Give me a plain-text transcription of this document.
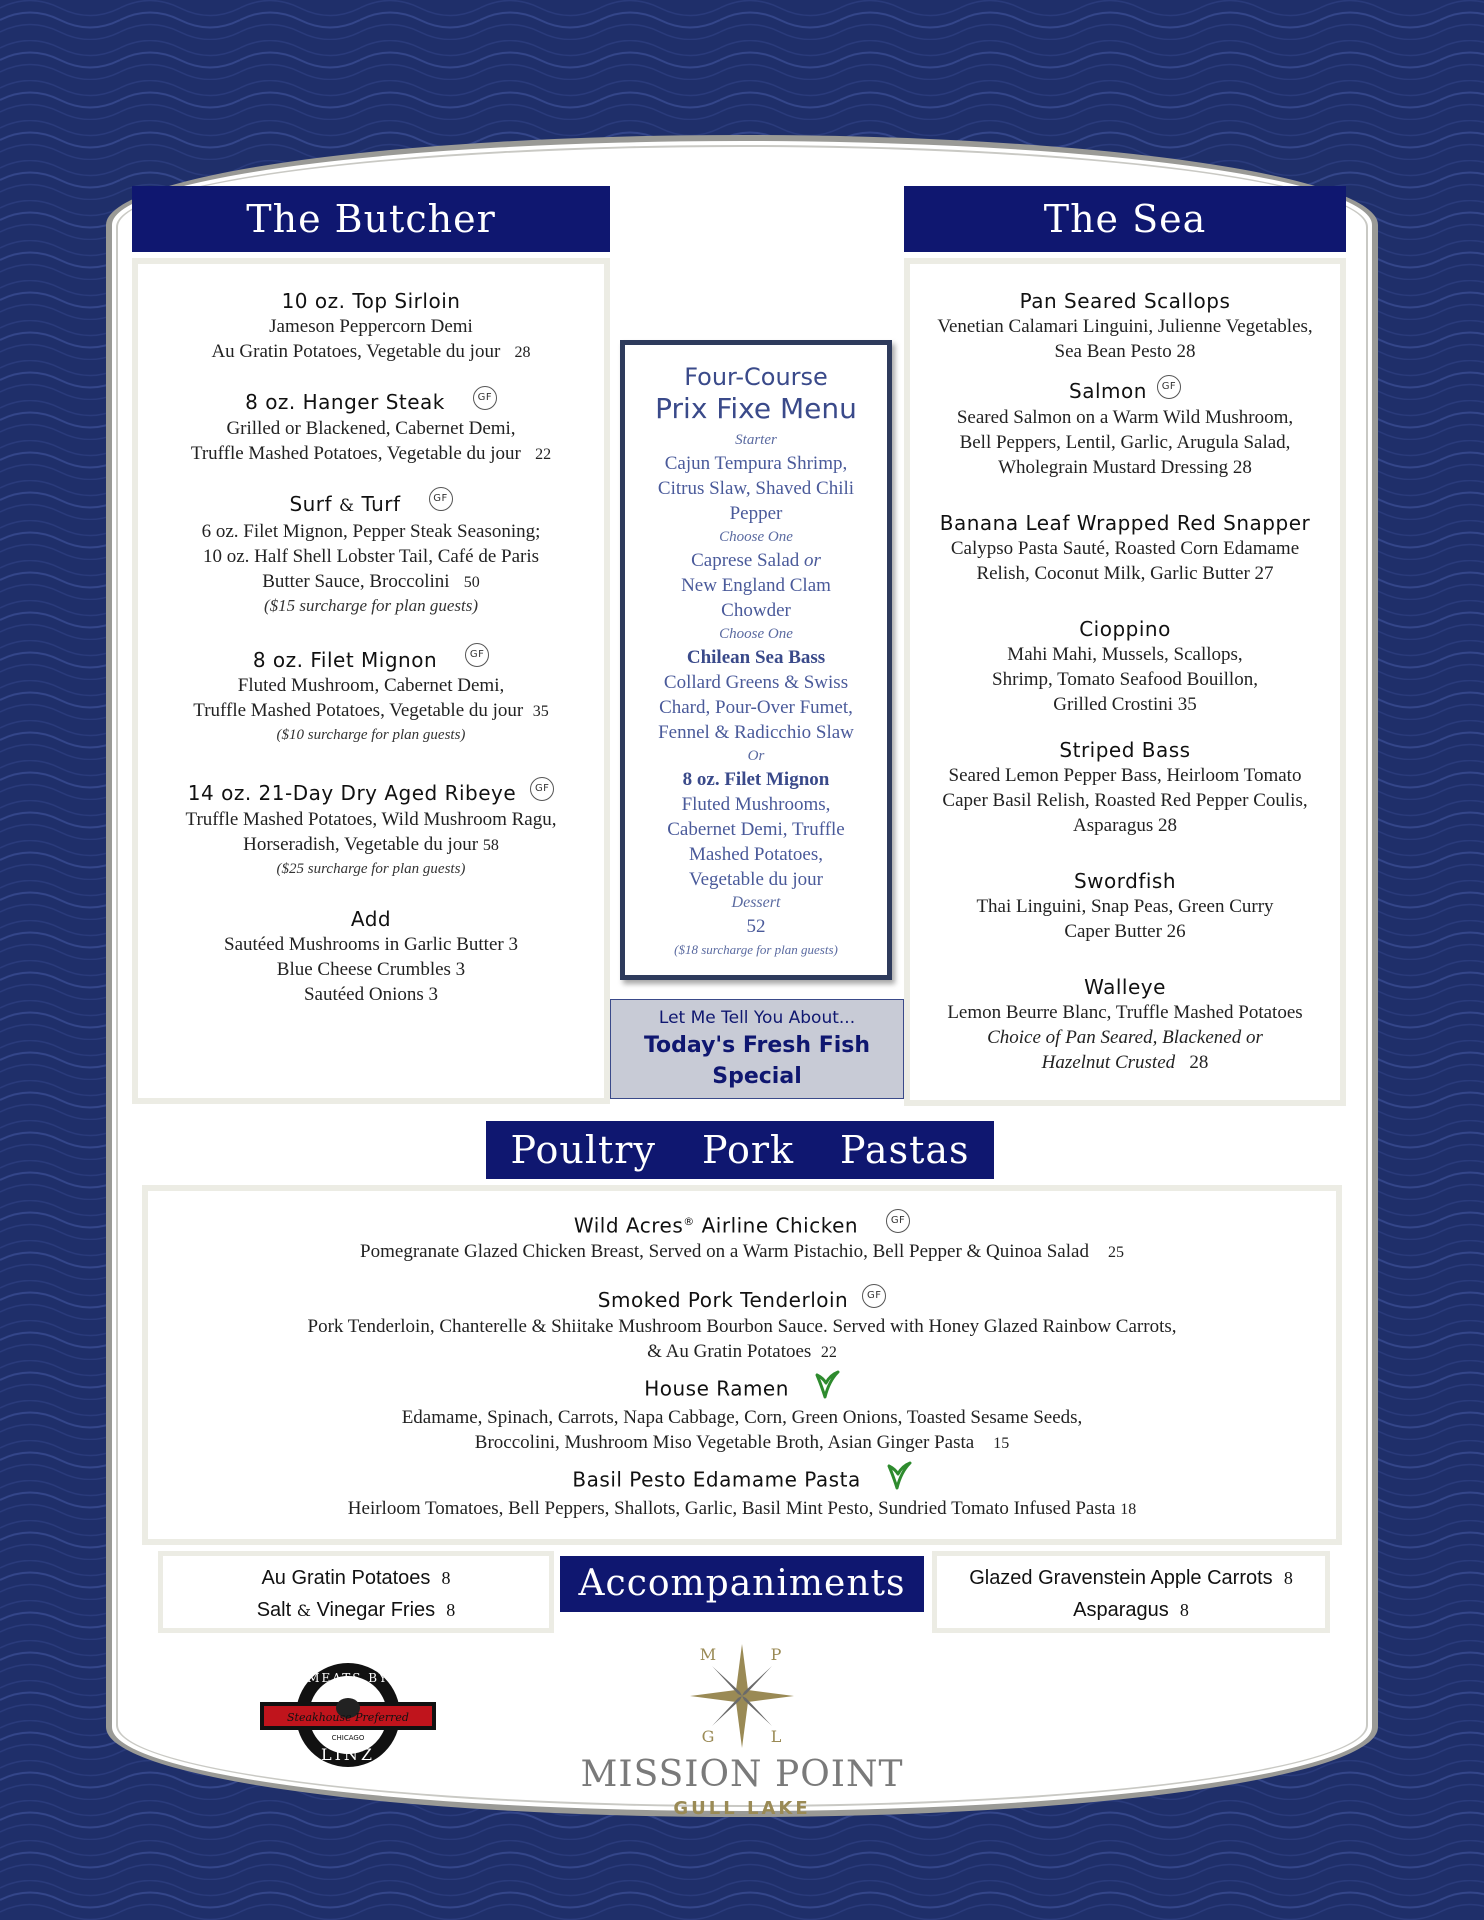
The Butcher
10 oz. Top Sirloin
Jameson Peppercorn Demi
Au Gratin Potatoes, Vegetable du jour 28
8 oz. Hanger Steak	GF
Grilled or Blackened, Cabernet Demi,
Truffle Mashed Potatoes, Vegetable du jour 22
Surf & Turf	GF
6 oz. Filet Mignon, Pepper Steak Seasoning;
10 oz. Half Shell Lobster Tail, Café de Paris
Butter Sauce, Broccolini 50
($15 surcharge for plan guests)
8 oz. Filet Mignon	GF
Fluted Mushroom, Cabernet Demi,
Truffle Mashed Potatoes, Vegetable du jour 35
($10 surcharge for plan guests)
14 oz. 21-Day Dry Aged Ribeye GF
Truffle Mashed Potatoes, Wild Mushroom Ragu,
Horseradish, Vegetable du jour 58
($25 surcharge for plan guests)
Add
Sautéed Mushrooms in Garlic Butter 3
Blue Cheese Crumbles 3
Sautéed Onions 3
Four-Course
Prix Fixe Menu
Starter
Cajun Tempura Shrimp,
Citrus Slaw, Shaved Chili
Pepper
Choose One
Caprese Salad or
New England Clam
Chowder
Choose One
Chilean Sea Bass
Collard Greens & Swiss
Chard, Pour-Over Fumet,
Fennel & Radicchio Slaw
Or
8 oz. Filet Mignon
Fluted Mushrooms,
Cabernet Demi, Truffle
Mashed Potatoes,
Vegetable du jour
Dessert
52
($18 surcharge for plan guests)
Let Me Tell You About...
Today's Fresh Fish
Special
The Sea
Pan Seared Scallops
Venetian Calamari Linguini, Julienne Vegetables,
Sea Bean Pesto 28
Salmon GF
Seared Salmon on a Warm Wild Mushroom,
Bell Peppers, Lentil, Garlic, Arugula Salad,
Wholegrain Mustard Dressing 28
Banana Leaf Wrapped Red Snapper
Calypso Pasta Sauté, Roasted Corn Edamame
Relish, Coconut Milk, Garlic Butter 27
Cioppino
Mahi Mahi, Mussels, Scallops,
Shrimp, Tomato Seafood Bouillon,
Grilled Crostini 35
Striped Bass
Seared Lemon Pepper Bass, Heirloom Tomato
Caper Basil Relish, Roasted Red Pepper Coulis,
Asparagus 28
Swordfish
Thai Linguini, Snap Peas, Green Curry
Caper Butter 26
Walleye
Lemon Beurre Blanc, Truffle Mashed Potatoes
Choice of Pan Seared, Blackened or
Hazelnut Crusted 28
Poultry Pork Pastas
Wild Acres® Airline Chicken	GF
Pomegranate Glazed Chicken Breast, Served on a Warm Pistachio, Bell Pepper & Quinoa Salad 25
Smoked Pork Tenderloin GF
Pork Tenderloin, Chanterelle & Shiitake Mushroom Bourbon Sauce. Served with Honey Glazed Rainbow Carrots,
& Au Gratin Potatoes 22
House Ramen
Edamame, Spinach, Carrots, Napa Cabbage, Corn, Green Onions, Toasted Sesame Seeds,
Broccolini, Mushroom Miso Vegetable Broth, Asian Ginger Pasta 15
Basil Pesto Edamame Pasta
Heirloom Tomatoes, Bell Peppers, Shallots, Garlic, Basil Mint Pesto, Sundried Tomato Infused Pasta 18
Au Gratin Potatoes 8
Salt & Vinegar Fries 8
Accompaniments	Glazed Gravenstein Apple Carrots 8
Asparagus 8
MEATS BY
Steakhouse Preferred
CHICAGO
LINZ
M	P
G	L
MISSION POINT
GULL LAKE
